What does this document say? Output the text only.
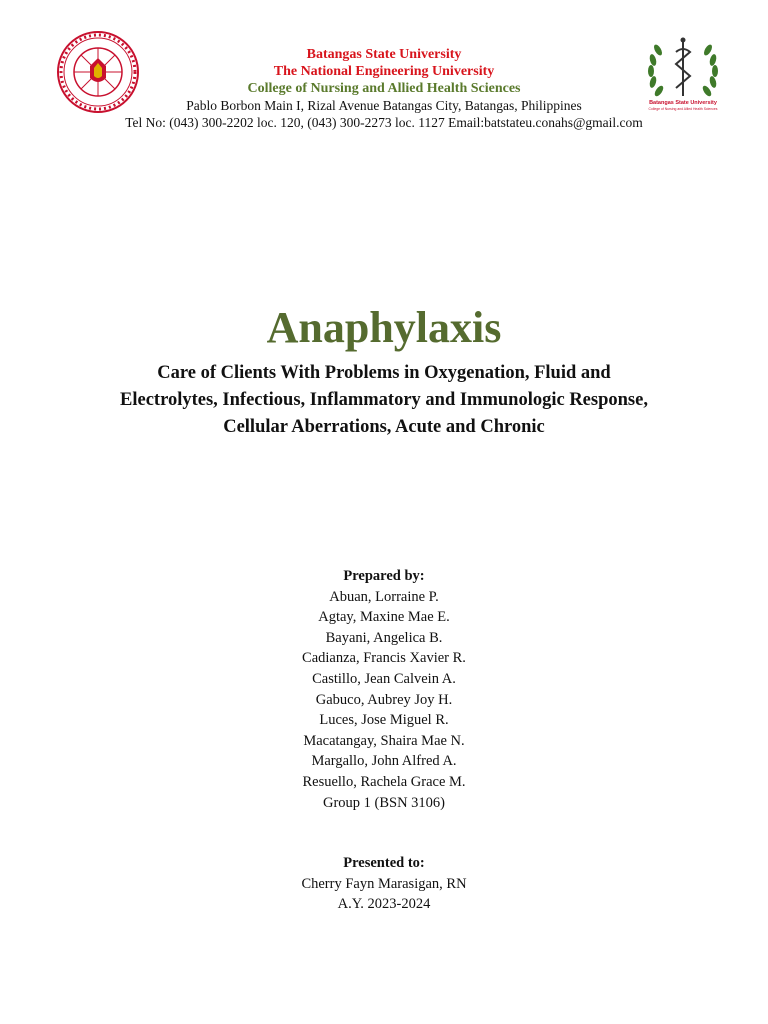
Batangas State University
The National Engineering University
College of Nursing and Allied Health Sciences
Pablo Borbon Main I, Rizal Avenue Batangas City, Batangas, Philippines
Tel No: (043) 300-2202 loc. 120, (043) 300-2273 loc. 1127 Email:batstateu.conahs@gmail.com
Batangas State University
College of Nursing and Allied Health Sciences
Anaphylaxis
Care of Clients With Problems in Oxygenation, Fluid and
Electrolytes, Infectious, Inflammatory and Immunologic Response,
Cellular Aberrations, Acute and Chronic
Prepared by:
Abuan, Lorraine P.
Agtay, Maxine Mae E.
Bayani, Angelica B.
Cadianza, Francis Xavier R.
Castillo, Jean Calvein A.
Gabuco, Aubrey Joy H.
Luces, Jose Miguel R.
Macatangay, Shaira Mae N.
Margallo, John Alfred A.
Resuello, Rachela Grace M.
Group 1 (BSN 3106)
Presented to:
Cherry Fayn Marasigan, RN
A.Y. 2023-2024
